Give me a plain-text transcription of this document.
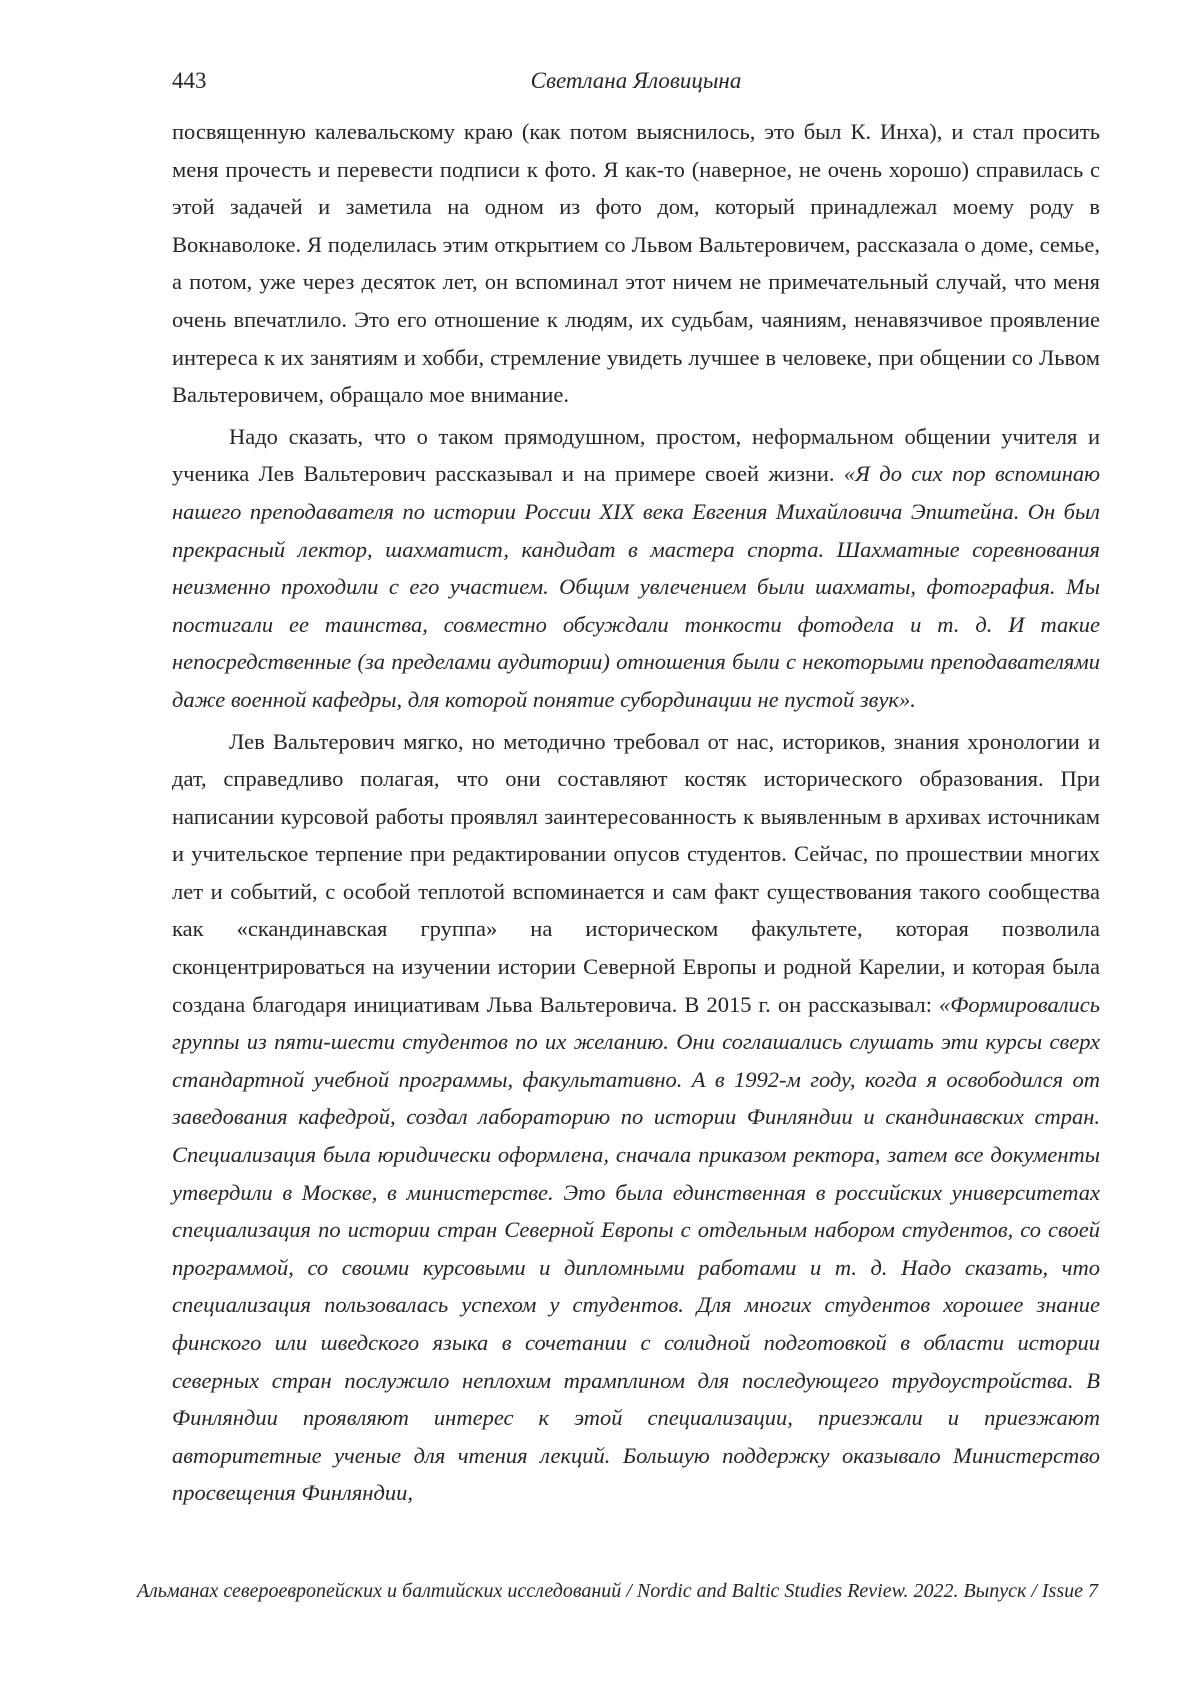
443	Светлана Яловицына

посвященную калевальскому краю (как потом выяснилось, это был К. Инха), и стал просить меня прочесть и перевести подписи к фото. Я как-то (наверное, не очень хорошо) справилась с этой задачей и заметила на одном из фото дом, который принадлежал моему роду в Вокнаволоке. Я поделилась этим открытием со Львом Вальтеровичем, рассказала о доме, семье, а потом, уже через десяток лет, он вспоминал этот ничем не примечательный случай, что меня очень впечатлило. Это его отношение к людям, их судьбам, чаяниям, ненавязчивое проявление интереса к их занятиям и хобби, стремление увидеть лучшее в человеке, при общении со Львом Вальтеровичем, обращало мое внимание.

Надо сказать, что о таком прямодушном, простом, неформальном общении учителя и ученика Лев Вальтерович рассказывал и на примере своей жизни. «Я до сих пор вспоминаю нашего преподавателя по истории России XIX века Евгения Михайловича Эпштейна. Он был прекрасный лектор, шахматист, кандидат в мастера спорта. Шахматные соревнования неизменно проходили с его участием. Общим увлечением были шахматы, фотография. Мы постигали ее таинства, совместно обсуждали тонкости фотодела и т. д. И такие непосредственные (за пределами аудитории) отношения были с некоторыми преподавателями даже военной кафедры, для которой понятие субординации не пустой звук».

Лев Вальтерович мягко, но методично требовал от нас, историков, знания хронологии и дат, справедливо полагая, что они составляют костяк исторического образования. При написании курсовой работы проявлял заинтересованность к выявленным в архивах источникам и учительское терпение при редактировании опусов студентов. Сейчас, по прошествии многих лет и событий, с особой теплотой вспоминается и сам факт существования такого сообщества как «скандинавская группа» на историческом факультете, которая позволила сконцентрироваться на изучении истории Северной Европы и родной Карелии, и которая была создана благодаря инициативам Льва Вальтеровича. В 2015 г. он рассказывал: «Формировались группы из пяти-шести студентов по их желанию. Они соглашались слушать эти курсы сверх стандартной учебной программы, факультативно. А в 1992-м году, когда я освободился от заведования кафедрой, создал лабораторию по истории Финляндии и скандинавских стран. Специализация была юридически оформлена, сначала приказом ректора, затем все документы утвердили в Москве, в министерстве. Это была единственная в российских университетах специализация по истории стран Северной Европы с отдельным набором студентов, со своей программой, со своими курсовыми и дипломными работами и т. д. Надо сказать, что специализация пользовалась успехом у студентов. Для многих студентов хорошее знание финского или шведского языка в сочетании с солидной подготовкой в области истории северных стран послужило неплохим трамплином для последующего трудоустройства. В Финляндии проявляют интерес к этой специализации, приезжали и приезжают авторитетные ученые для чтения лекций. Большую поддержку оказывало Министерство просвещения Финляндии,

Альманах североевропейских и балтийских исследований / Nordic and Baltic Studies Review. 2022. Выпуск / Issue 7
